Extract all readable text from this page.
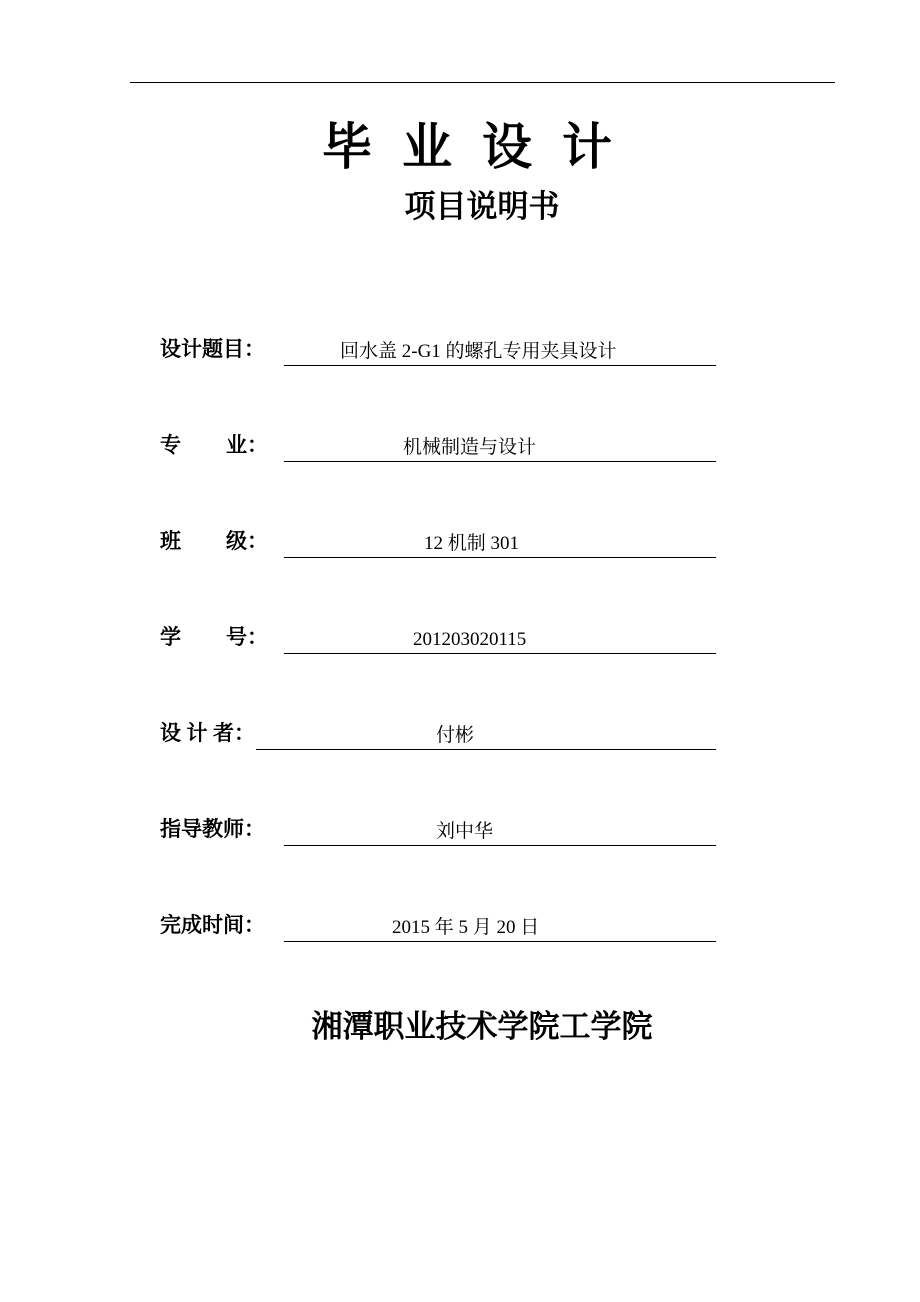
毕业设计
项目说明书
设计题目：	回水盖 2-G1 的螺孔专用夹具设计
专 业：	机械制造与设计
班 级：	12 机制 301
学 号：	201203020115
设 计 者：	付彬
指导教师：	刘中华
完成时间：	2015 年 5 月 20 日
湘潭职业技术学院工学院
